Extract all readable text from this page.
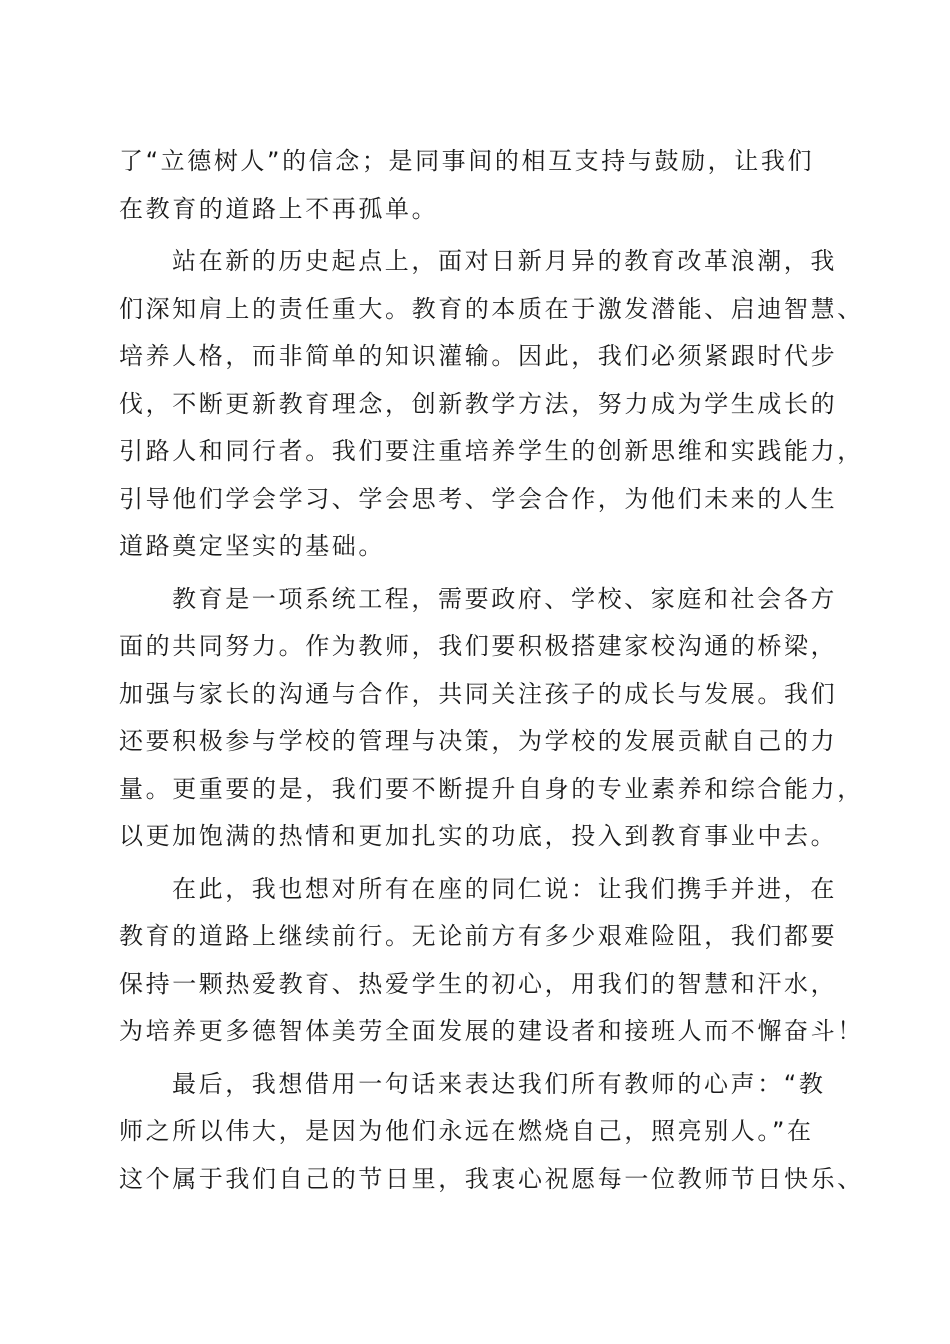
了“立德树人”的信念；是同事间的相互支持与鼓励，让我们
在教育的道路上不再孤单。
站在新的历史起点上，面对日新月异的教育改革浪潮，我
们深知肩上的责任重大。教育的本质在于激发潜能、启迪智慧、
培养人格，而非简单的知识灌输。因此，我们必须紧跟时代步
伐，不断更新教育理念，创新教学方法，努力成为学生成长的
引路人和同行者。我们要注重培养学生的创新思维和实践能力，
引导他们学会学习、学会思考、学会合作，为他们未来的人生
道路奠定坚实的基础。
教育是一项系统工程，需要政府、学校、家庭和社会各方
面的共同努力。作为教师，我们要积极搭建家校沟通的桥梁，
加强与家长的沟通与合作，共同关注孩子的成长与发展。我们
还要积极参与学校的管理与决策，为学校的发展贡献自己的力
量。更重要的是，我们要不断提升自身的专业素养和综合能力，
以更加饱满的热情和更加扎实的功底，投入到教育事业中去。
在此，我也想对所有在座的同仁说：让我们携手并进，在
教育的道路上继续前行。无论前方有多少艰难险阻，我们都要
保持一颗热爱教育、热爱学生的初心，用我们的智慧和汗水，
为培养更多德智体美劳全面发展的建设者和接班人而不懈奋斗！
最后，我想借用一句话来表达我们所有教师的心声：“教
师之所以伟大，是因为他们永远在燃烧自己，照亮别人。”在
这个属于我们自己的节日里，我衷心祝愿每一位教师节日快乐、
